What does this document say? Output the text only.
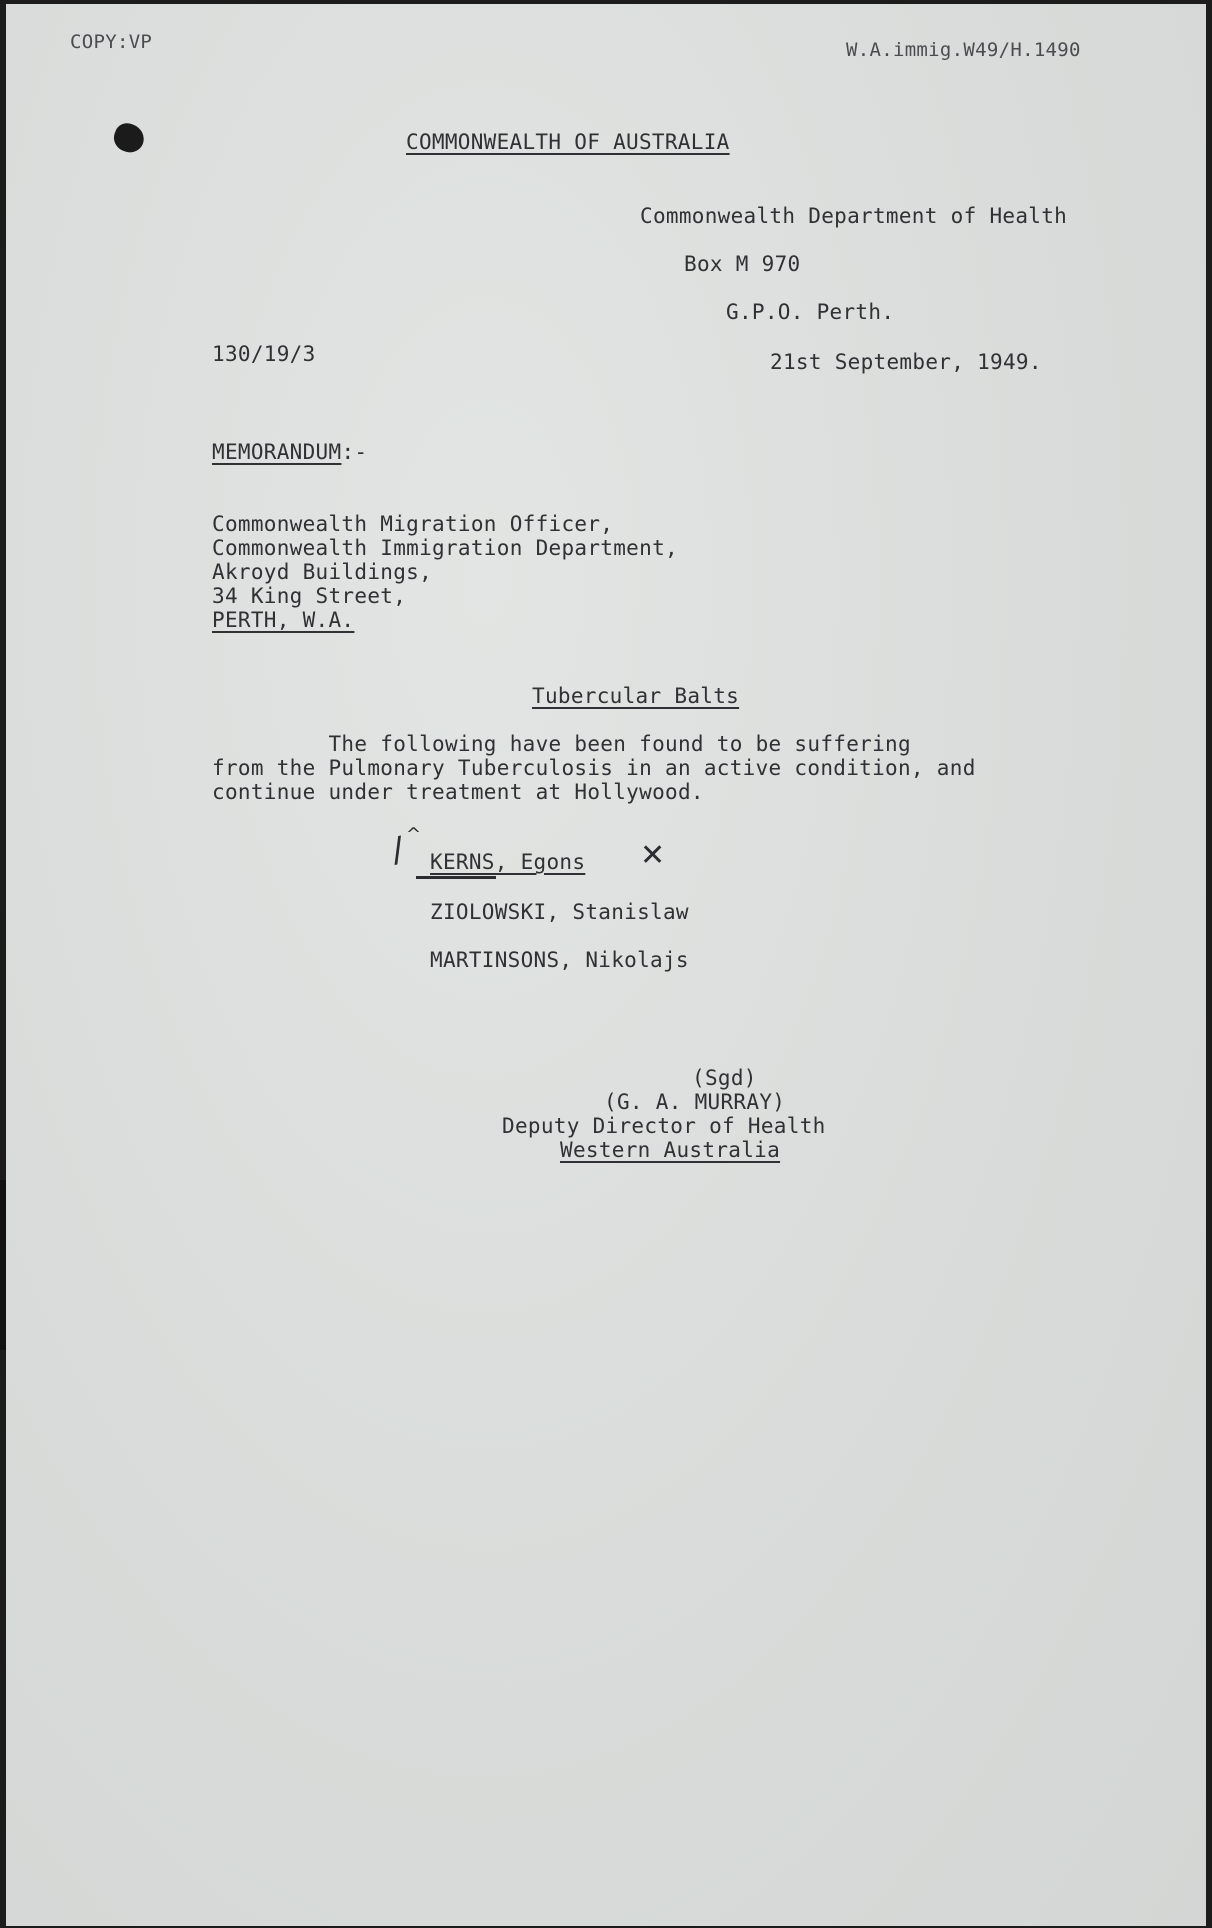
COPY:VP	W.A.immig.W49/H.1490
COMMONWEALTH OF AUSTRALIA
Commonwealth Department of Health
Box M 970
G.P.O. Perth.
130/19/3	21st September, 1949.
MEMORANDUM:-
Commonwealth Migration Officer,
Commonwealth Immigration Department,
Akroyd Buildings,
34 King Street,
PERTH, W.A.
Tubercular Balts
The following have been found to be suffering
from the Pulmonary Tuberculosis in an active condition, and
continue under treatment at Hollywood.
/ ^
KERNS, Egons ✕
ZIOLOWSKI, Stanislaw
MARTINSONS, Nikolajs
(Sgd)
(G. A. MURRAY)
Deputy Director of Health
Western Australia
